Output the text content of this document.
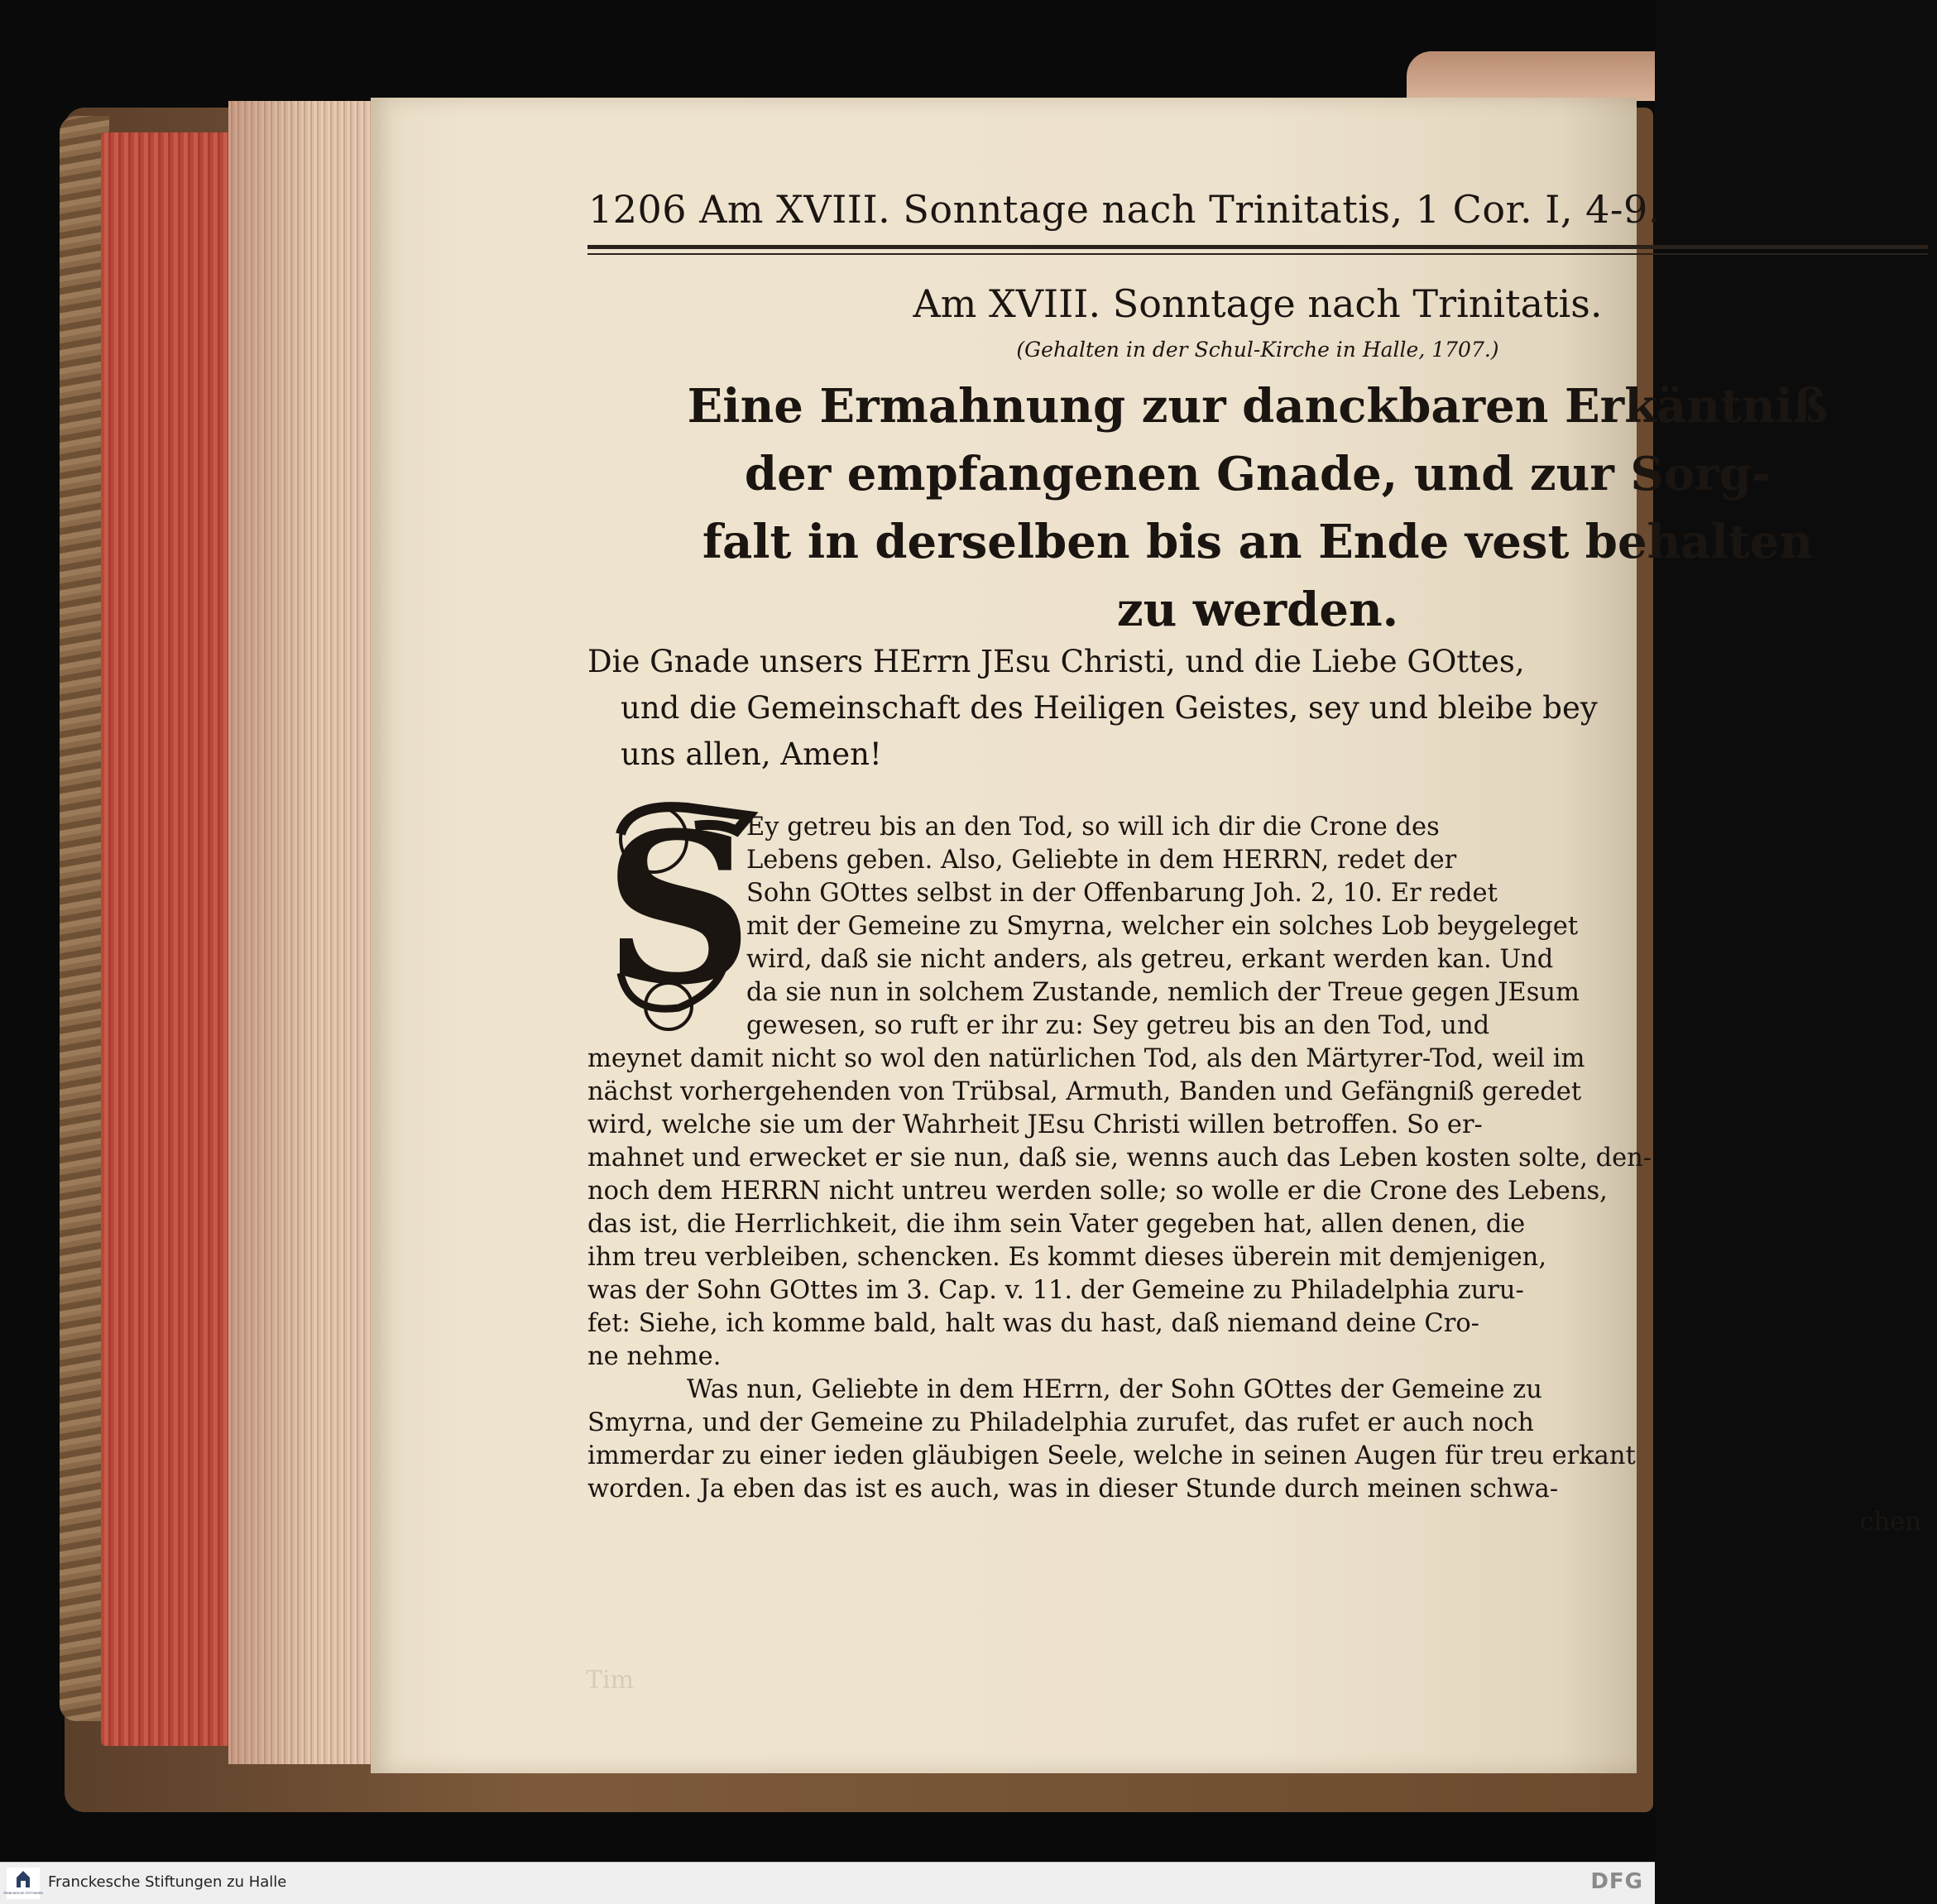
Tim
1206 Am XVIII. Sonntage nach Trinitatis, 1 Cor. I, 4-9.
Am XVIII. Sonntage nach Trinitatis.
(Gehalten in der Schul-Kirche in Halle, 1707.)
Eine Ermahnung zur danckbaren Erkäntniß
der empfangenen Gnade, und zur Sorg-
falt in derselben bis an Ende vest behalten
zu werden.
Die Gnade unsers HErrn JEsu Christi, und die Liebe GOttes,
und die Gemeinschaft des Heiligen Geistes, sey und bleibe bey
uns allen, Amen!
S
Ey getreu bis an den Tod, so will ich dir die Crone des
Lebens geben. Also, Geliebte in dem HERRN, redet der
Sohn GOttes selbst in der Offenbarung Joh. 2, 10. Er redet
mit der Gemeine zu Smyrna, welcher ein solches Lob beygeleget
wird, daß sie nicht anders, als getreu, erkant werden kan. Und
da sie nun in solchem Zustande, nemlich der Treue gegen JEsum
gewesen, so ruft er ihr zu: Sey getreu bis an den Tod, und
meynet damit nicht so wol den natürlichen Tod, als den Märtyrer-Tod, weil im
nächst vorhergehenden von Trübsal, Armuth, Banden und Gefängniß geredet
wird, welche sie um der Wahrheit JEsu Christi willen betroffen. So er-
mahnet und erwecket er sie nun, daß sie, wenns auch das Leben kosten solte, den-
noch dem HERRN nicht untreu werden solle; so wolle er die Crone des Lebens,
das ist, die Herrlichkeit, die ihm sein Vater gegeben hat, allen denen, die
ihm treu verbleiben, schencken. Es kommt dieses überein mit demjenigen,
was der Sohn GOttes im 3. Cap. v. 11. der Gemeine zu Philadelphia zuru-
fet: Siehe, ich komme bald, halt was du hast, daß niemand deine Cro-
ne nehme.
Was nun, Geliebte in dem HErrn, der Sohn GOttes der Gemeine zu
Smyrna, und der Gemeine zu Philadelphia zurufet, das rufet er auch noch
immerdar zu einer ieden gläubigen Seele, welche in seinen Augen für treu erkant
worden. Ja eben das ist es auch, was in dieser Stunde durch meinen schwa-
chen
FRANCKESCHE STIFTUNGEN
Franckesche Stiftungen zu Halle	DFG
